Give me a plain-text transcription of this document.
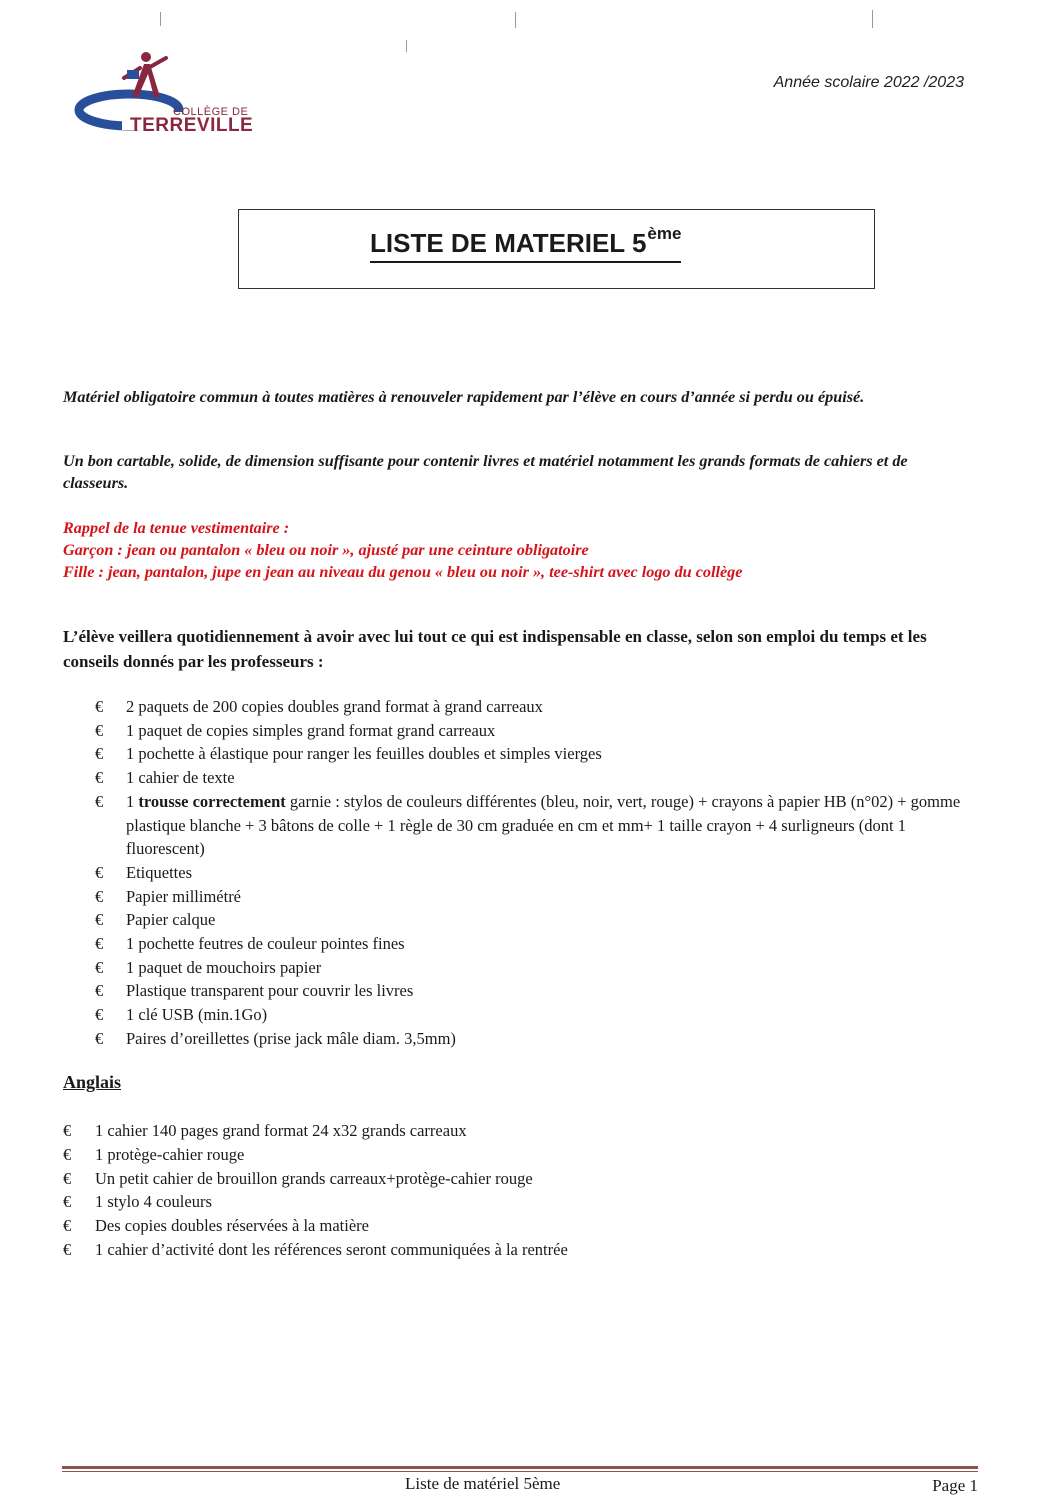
COLLÈGE DE
TERREVILLE
Année scolaire 2022 /2023
LISTE DE MATERIEL 5ème
Matériel obligatoire commun à toutes matières à renouveler rapidement par l’élève en cours d’année si perdu ou épuisé.
Un bon cartable, solide, de dimension suffisante pour contenir livres et matériel notamment les grands formats de cahiers et de classeurs.
Rappel de la tenue vestimentaire :
Garçon : jean ou pantalon « bleu ou noir », ajusté par une ceinture obligatoire
Fille : jean, pantalon, jupe en jean au niveau du genou « bleu ou noir », tee-shirt avec logo du collège
L’élève veillera quotidiennement à avoir avec lui tout ce qui est indispensable en classe, selon son emploi du temps et les conseils donnés par les professeurs :
€ 2 paquets de 200 copies doubles grand format à grand carreaux
€ 1 paquet de copies simples grand format grand carreaux
€ 1 pochette à élastique pour ranger les feuilles doubles et simples vierges
€ 1 cahier de texte
€ 1 trousse correctement garnie : stylos de couleurs différentes (bleu, noir, vert, rouge) + crayons à papier HB (n°02) + gomme plastique blanche + 3 bâtons de colle + 1 règle de 30 cm graduée en cm et mm+ 1 taille crayon + 4 surligneurs (dont 1 fluorescent)
€ Etiquettes
€ Papier millimétré
€ Papier calque
€ 1 pochette feutres de couleur pointes fines
€ 1 paquet de mouchoirs papier
€ Plastique transparent pour couvrir les livres
€ 1 clé USB (min.1Go)
€ Paires d’oreillettes (prise jack mâle diam. 3,5mm)
Anglais
€ 1 cahier 140 pages grand format 24 x32 grands carreaux
€ 1 protège-cahier rouge
€ Un petit cahier de brouillon grands carreaux+protège-cahier rouge
€ 1 stylo 4 couleurs
€ Des copies doubles réservées à la matière
€ 1 cahier d’activité dont les références seront communiquées à la rentrée
Liste de matériel 5ème	Page 1
